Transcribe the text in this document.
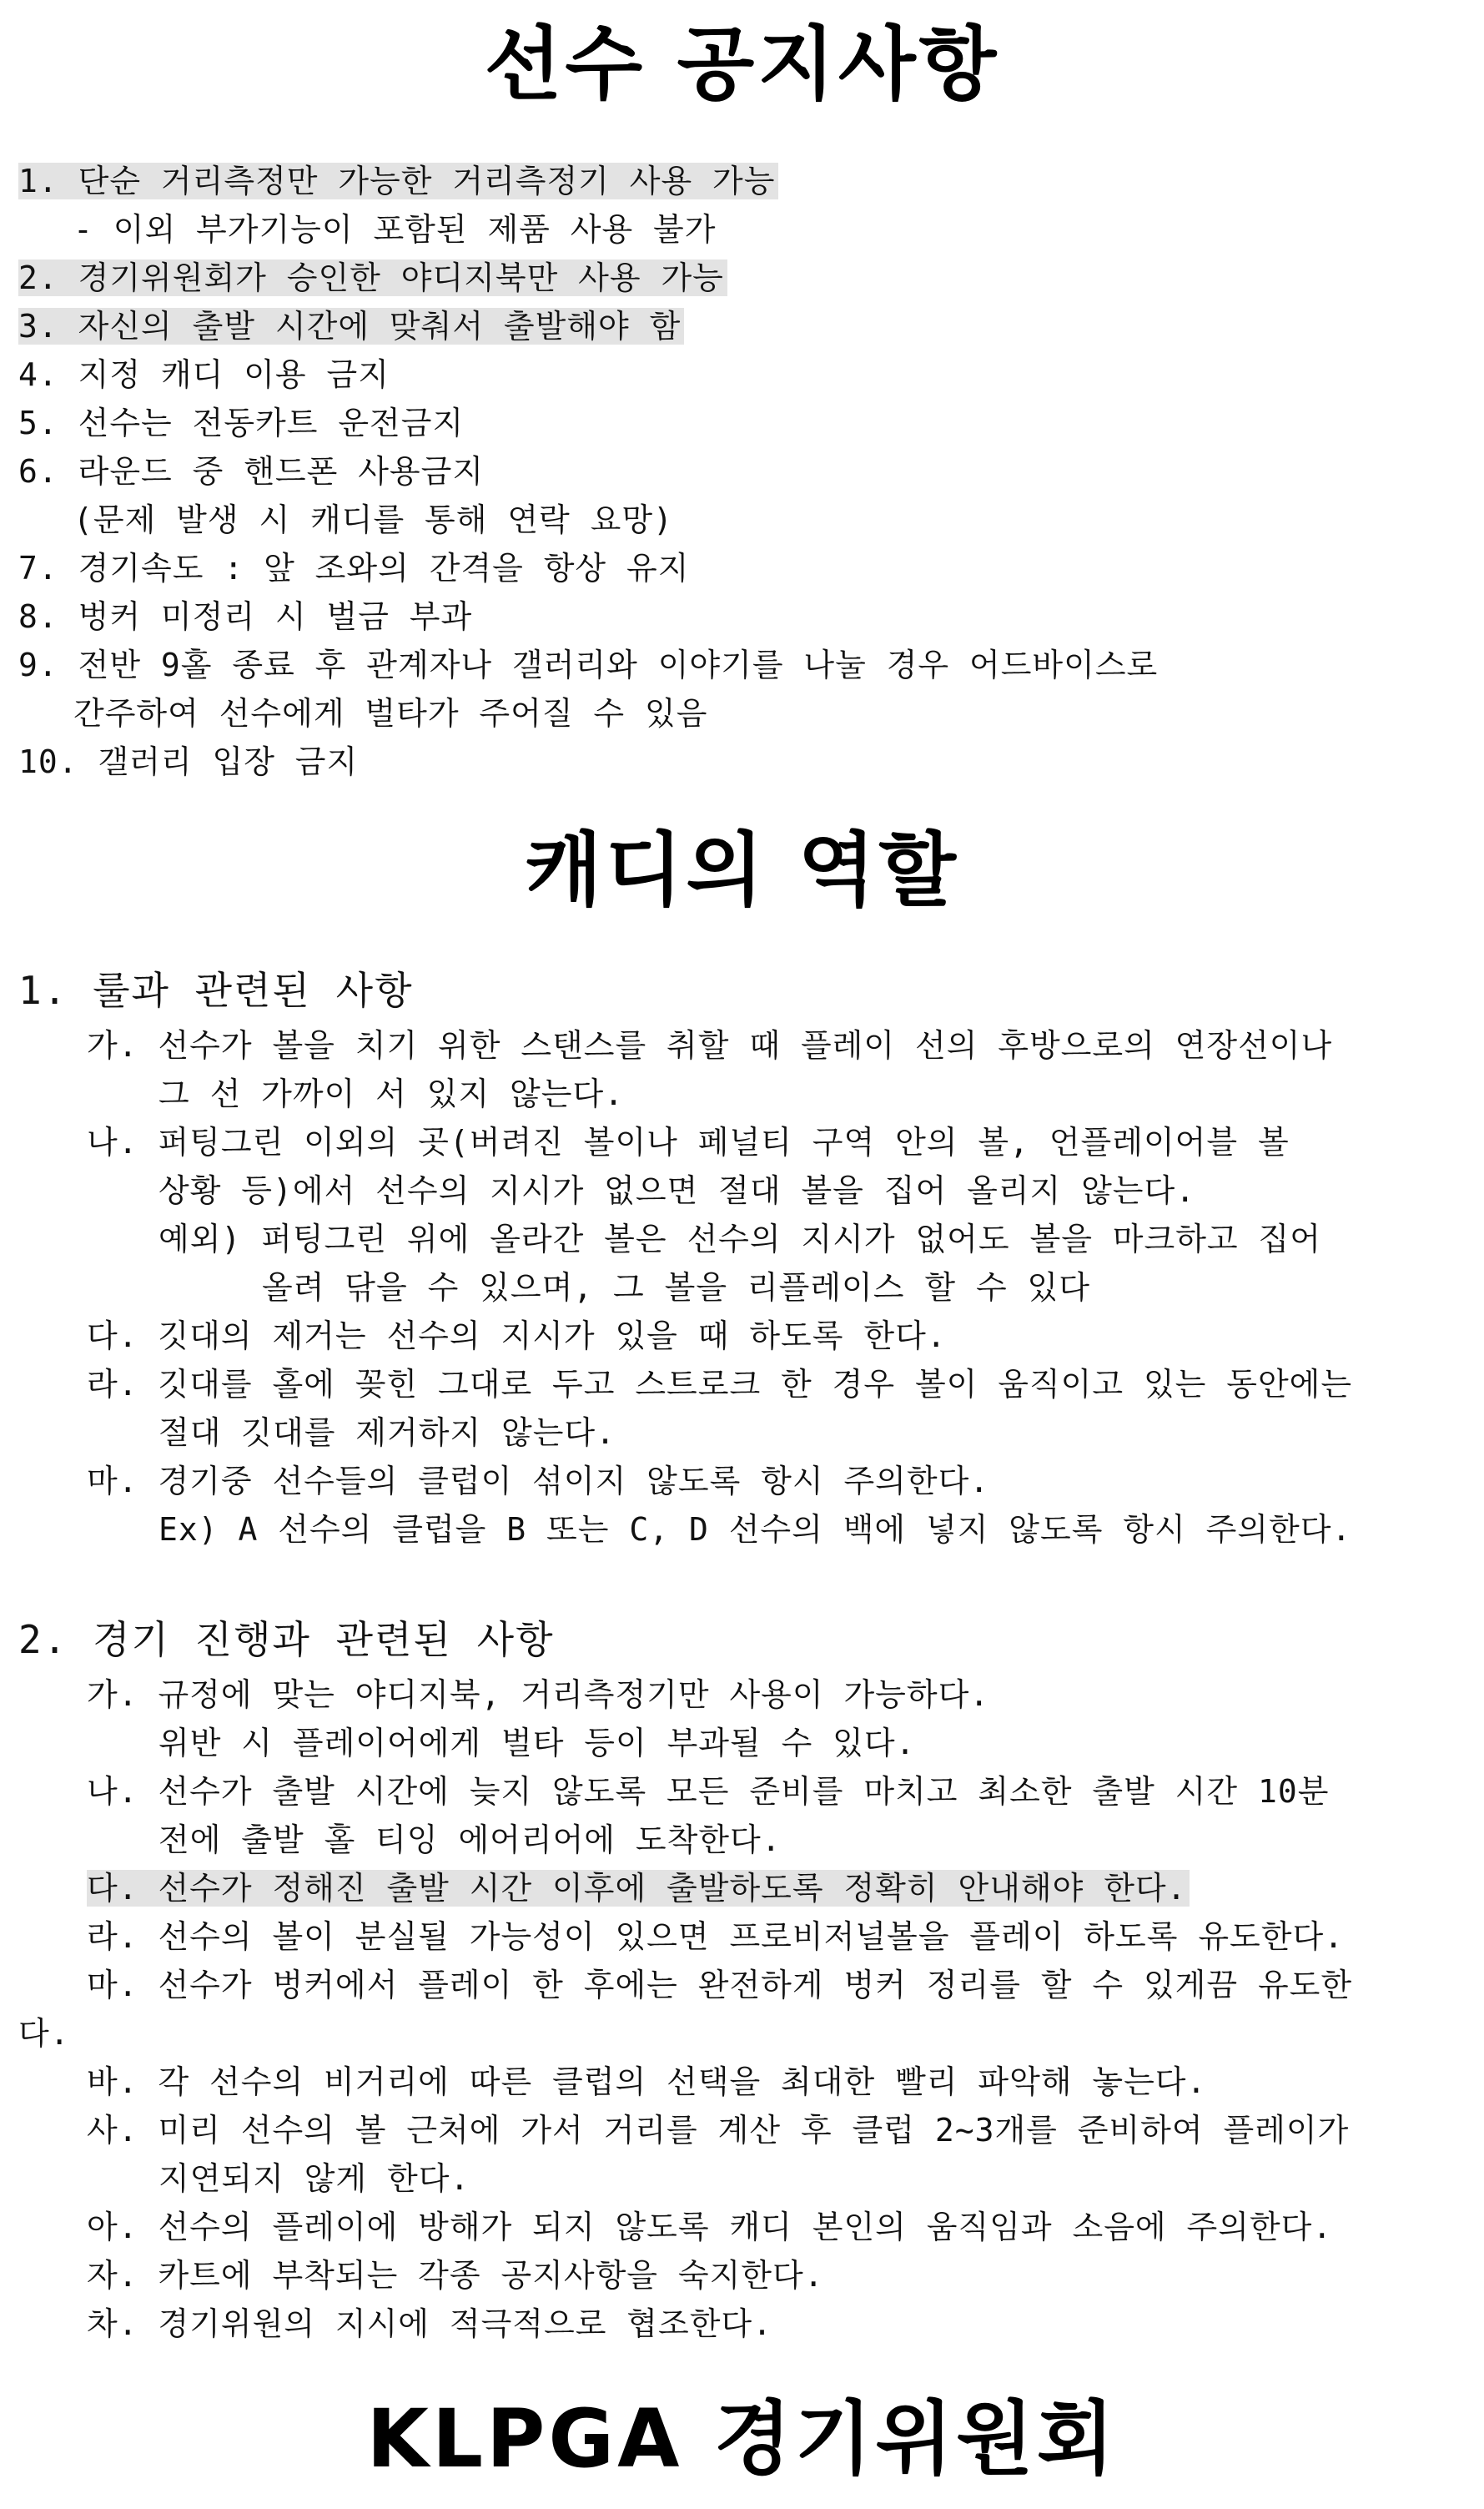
선수 공지사항
1. 단순 거리측정만 가능한 거리측정기 사용 가능
- 이외 부가기능이 포함된 제품 사용 불가
2. 경기위원회가 승인한 야디지북만 사용 가능
3. 자신의 출발 시간에 맞춰서 출발해야 함
4. 지정 캐디 이용 금지
5. 선수는 전동카트 운전금지
6. 라운드 중 핸드폰 사용금지
(문제 발생 시 캐디를 통해 연락 요망)
7. 경기속도 : 앞 조와의 간격을 항상 유지
8. 벙커 미정리 시 벌금 부과
9. 전반 9홀 종료 후 관계자나 갤러리와 이야기를 나눌 경우 어드바이스로
간주하여 선수에게 벌타가 주어질 수 있음
10. 갤러리 입장 금지
캐디의 역할
1. 룰과 관련된 사항
가. 선수가 볼을 치기 위한 스탠스를 취할 때 플레이 선의 후방으로의 연장선이나
그 선 가까이 서 있지 않는다.
나. 퍼팅그린 이외의 곳(버려진 볼이나 페널티 구역 안의 볼, 언플레이어블 볼
상황 등)에서 선수의 지시가 없으면 절대 볼을 집어 올리지 않는다.
예외) 퍼팅그린 위에 올라간 볼은 선수의 지시가 없어도 볼을 마크하고 집어
올려 닦을 수 있으며, 그 볼을 리플레이스 할 수 있다
다. 깃대의 제거는 선수의 지시가 있을 때 하도록 한다.
라. 깃대를 홀에 꽂힌 그대로 두고 스트로크 한 경우 볼이 움직이고 있는 동안에는
절대 깃대를 제거하지 않는다.
마. 경기중 선수들의 클럽이 섞이지 않도록 항시 주의한다.
Ex) A 선수의 클럽을 B 또는 C, D 선수의 백에 넣지 않도록 항시 주의한다.
2. 경기 진행과 관련된 사항
가. 규정에 맞는 야디지북, 거리측정기만 사용이 가능하다.
위반 시 플레이어에게 벌타 등이 부과될 수 있다.
나. 선수가 출발 시간에 늦지 않도록 모든 준비를 마치고 최소한 출발 시간 10분
전에 출발 홀 티잉 에어리어에 도착한다.
다. 선수가 정해진 출발 시간 이후에 출발하도록 정확히 안내해야 한다.
라. 선수의 볼이 분실될 가능성이 있으면 프로비저널볼을 플레이 하도록 유도한다.
마. 선수가 벙커에서 플레이 한 후에는 완전하게 벙커 정리를 할 수 있게끔 유도한
다.
바. 각 선수의 비거리에 따른 클럽의 선택을 최대한 빨리 파악해 놓는다.
사. 미리 선수의 볼 근처에 가서 거리를 계산 후 클럽 2~3개를 준비하여 플레이가
지연되지 않게 한다.
아. 선수의 플레이에 방해가 되지 않도록 캐디 본인의 움직임과 소음에 주의한다.
자. 카트에 부착되는 각종 공지사항을 숙지한다.
차. 경기위원의 지시에 적극적으로 협조한다.
KLPGA 경기위원회
